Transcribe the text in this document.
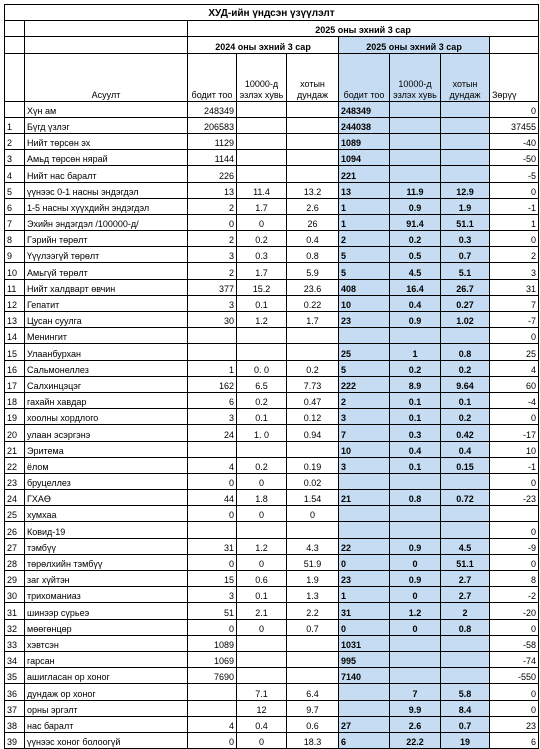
ХУД-ийн үндсэн үзүүлэлт								
		2025 оны эхний 3 сар						
		2024 оны эхний 3 сар			2025 оны эхний 3 сар			
	Асуулт	бодит тоо	10000-д эзлэх хувь	хотын дундаж	бодит тоо	10000-д эзлэх хувь	хотын дундаж	Зөрүү
	Хүн ам	248349			248349			0
1	Бүгд үзлэг	206583			244038			37455
2	Нийт төрсөн эх	1129			1089			-40
3	Амьд төрсөн нярай	1144			1094			-50
4	Нийт нас баралт	226			221			-5
5	үүнээс 0-1 насны эндэгдэл	13	11.4	13.2	13	11.9	12.9	0
6	1-5 насны хүүхдийн эндэгдэл	2	1.7	2.6	1	0.9	1.9	-1
7	Эхийн эндэгдэл /100000-д/	0	0	26	1	91.4	51.1	1
8	Гэрийн төрөлт	2	0.2	0.4	2	0.2	0.3	0
9	Үүүлээгүй төрөлт	3	0.3	0.8	5	0.5	0.7	2
10	Амьгүй төрөлт	2	1.7	5.9	5	4.5	5.1	3
11	Нийт халдварт өвчин	377	15.2	23.6	408	16.4	26.7	31
12	Гепатит	3	0.1	0.22	10	0.4	0.27	7
13	Цусан суулга	30	1.2	1.7	23	0.9	1.02	-7
14	Менингит							0
15	Улаанбурхан				25	1	0.8	25
16	Сальмонеллез	1	0. 0	0.2	5	0.2	0.2	4
17	Салхинцэцэг	162	6.5	7.73	222	8.9	9.64	60
18	гахайн хавдар	6	0.2	0.47	2	0.1	0.1	-4
19	хоолны хордлого	3	0.1	0.12	3	0.1	0.2	0
20	улаан эсэргэнэ	24	1. 0	0.94	7	0.3	0.42	-17
21	Эритема				10	0.4	0.4	10
22	ёлом	4	0.2	0.19	3	0.1	0.15	-1
23	бруцеллез	0	0	0.02				0
24	ГХАӨ	44	1.8	1.54	21	0.8	0.72	-23
25	хумхаа	0	0	0				
26	Ковид-19							0
27	тэмбүү	31	1.2	4.3	22	0.9	4.5	-9
28	төрөлхийн тэмбүү	0	0	51.9	0	0	51.1	0
29	заг хүйтэн	15	0.6	1.9	23	0.9	2.7	8
30	трихоманиаз	3	0.1	1.3	1	0	2.7	-2
31	шинээр сүрьеэ	51	2.1	2.2	31	1.2	2	-20
32	мөөгөнцөр	0	0	0.7	0	0	0.8	0
33	хэвтсэн	1089			1031			-58
34	гарсан	1069			995			-74
35	ашигласан ор хоног	7690			7140			-550
36	дундаж ор хоног		7.1	6.4		7	5.8	0
37	орны эргэлт		12	9.7		9.9	8.4	0
38	нас баралт	4	0.4	0.6	27	2.6	0.7	23
39	үүнээс хоног болоогүй	0	0	18.3	6	22.2	19	6
